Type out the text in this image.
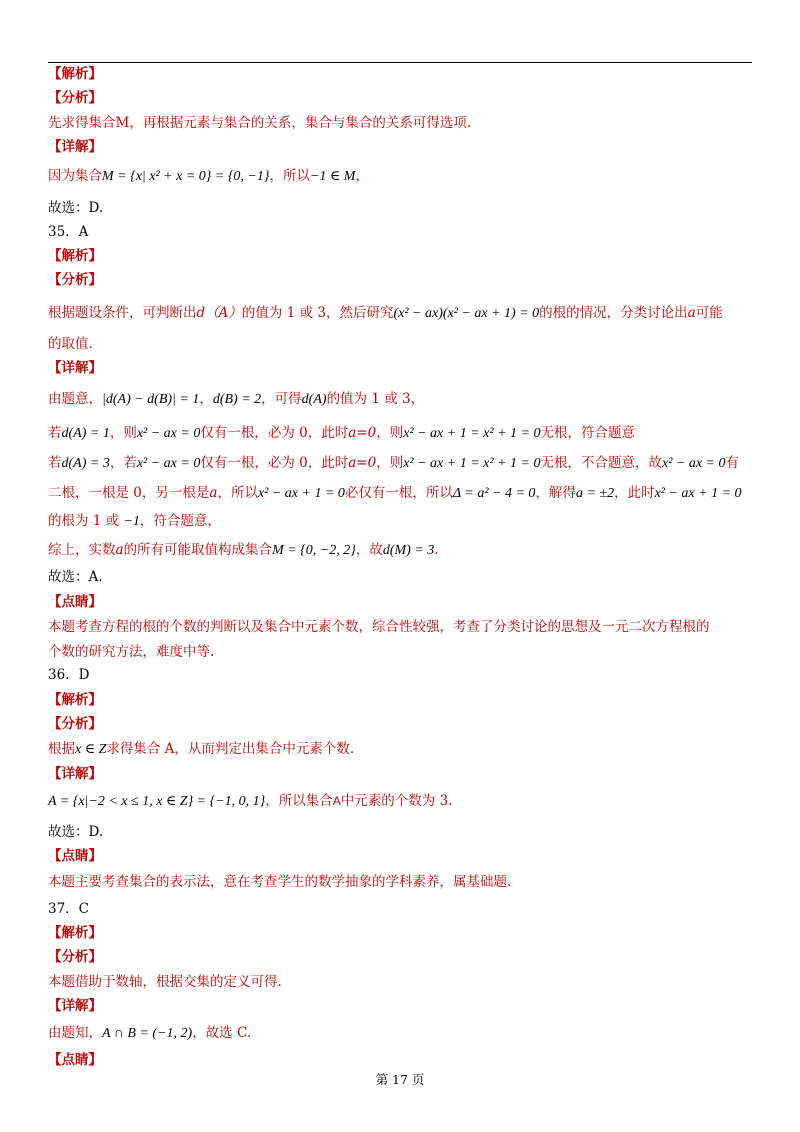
【解析】
【分析】
先求得集合M，再根据元素与集合的关系，集合与集合的关系可得选项.
【详解】
因为集合M = {x| x² + x = 0} = {0, −1}，所以−1 ∈ M，
故选：D.
35．A
【解析】
【分析】
根据题设条件，可判断出d（A）的值为 1 或 3，然后研究(x² − ax)(x² − ax + 1) = 0的根的情况，分类讨论出a可能
的取值.
【详解】
由题意，|d(A) − d(B)| = 1，d(B) = 2，可得d(A)的值为 1 或 3，
若d(A) = 1，则x² − ax = 0仅有一根，必为 0，此时a=0，则x² − ax + 1 = x² + 1 = 0无根，符合题意
若d(A) = 3，若x² − ax = 0仅有一根，必为 0，此时a=0，则x² − ax + 1 = x² + 1 = 0无根，不合题意，故x² − ax = 0有
二根，一根是 0，另一根是a，所以x² − ax + 1 = 0必仅有一根，所以Δ = a² − 4 = 0，解得a = ±2，此时x² − ax + 1 = 0
的根为 1 或 −1，符合题意，
综上，实数a的所有可能取值构成集合M = {0, −2, 2}，故d(M) = 3.
故选：A.
【点睛】
本题考查方程的根的个数的判断以及集合中元素个数，综合性较强，考查了分类讨论的思想及一元二次方程根的
个数的研究方法，难度中等.
36．D
【解析】
【分析】
根据x ∈ Z求得集合 A，从而判定出集合中元素个数.
【详解】
A = {x|−2 < x ≤ 1, x ∈ Z} = {−1, 0, 1}，所以集合A中元素的个数为 3.
故选：D.
【点睛】
本题主要考查集合的表示法，意在考查学生的数学抽象的学科素养，属基础题.
37．C
【解析】
【分析】
本题借助于数轴，根据交集的定义可得.
【详解】
由题知，A ∩ B = (−1, 2)，故选 C.
【点睛】
第 17 页
